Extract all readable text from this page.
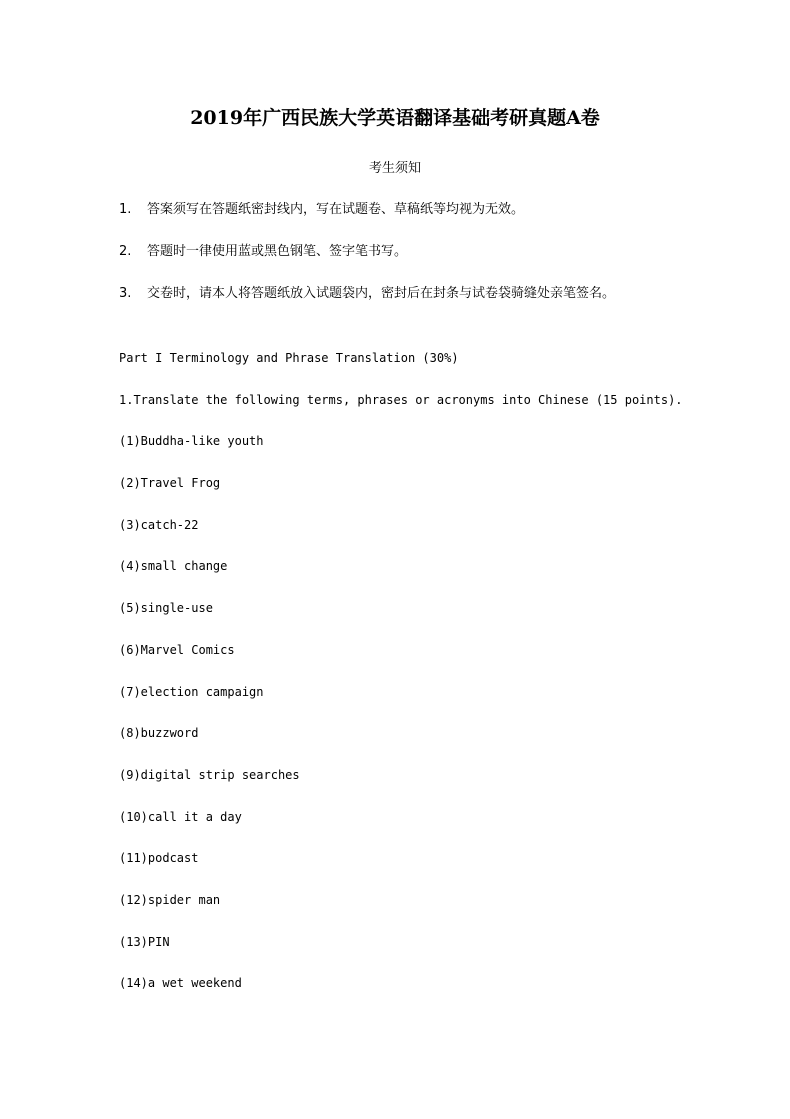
2019年广西民族大学英语翻译基础考研真题A卷
考生须知
1.	答案须写在答题纸密封线内，写在试题卷、草稿纸等均视为无效。
2.	答题时一律使用蓝或黑色钢笔、签字笔书写。
3.	交卷时，请本人将答题纸放入试题袋内，密封后在封条与试卷袋骑缝处亲笔签名。
Part I Terminology and Phrase Translation (30%)
1.Translate the following terms, phrases or acronyms into Chinese (15 points).
(1)Buddha-like youth
(2)Travel Frog
(3)catch-22
(4)small change
(5)single-use
(6)Marvel Comics
(7)election campaign
(8)buzzword
(9)digital strip searches
(10)call it a day
(11)podcast
(12)spider man
(13)PIN
(14)a wet weekend
